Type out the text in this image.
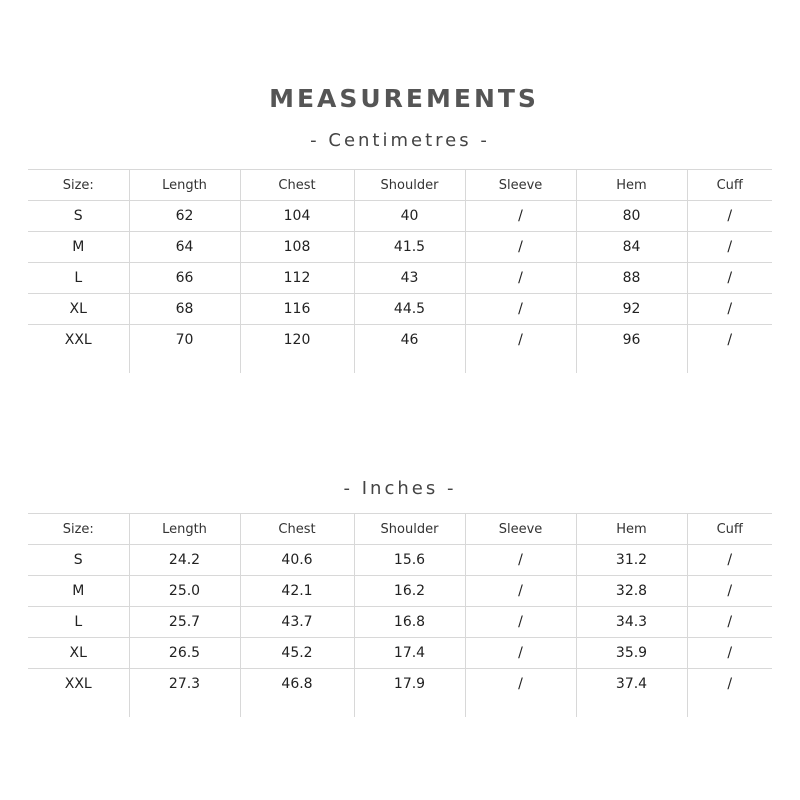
MEASUREMENTS
- Centimetres -
Size:	Length	Chest	Shoulder	Sleeve	Hem	Cuff
S	62	104	40	/	80	/
M	64	108	41.5	/	84	/
L	66	112	43	/	88	/
XL	68	116	44.5	/	92	/
XXL	70	120	46	/	96	/
- Inches -
Size:	Length	Chest	Shoulder	Sleeve	Hem	Cuff
S	24.2	40.6	15.6	/	31.2	/
M	25.0	42.1	16.2	/	32.8	/
L	25.7	43.7	16.8	/	34.3	/
XL	26.5	45.2	17.4	/	35.9	/
XXL	27.3	46.8	17.9	/	37.4	/
